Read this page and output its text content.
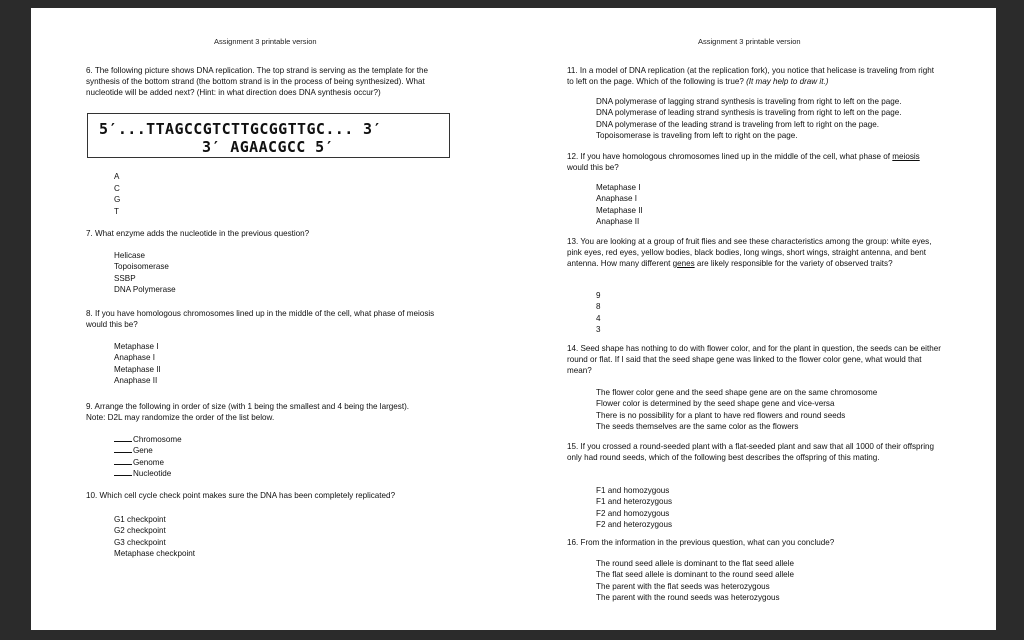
Assignment 3 printable version
6. The following picture shows DNA replication. The top strand is serving as the template for the synthesis of the bottom strand (the bottom strand is in the process of being synthesized). What nucleotide will be added next? (Hint: in what direction does DNA synthesis occur?)
5′...TTAGCCGTCTTGCGGTTGC... 3′
3′ AGAACGCC 5′
A
C
G
T
7. What enzyme adds the nucleotide in the previous question?
Helicase
Topoisomerase
SSBP
DNA Polymerase
8. If you have homologous chromosomes lined up in the middle of the cell, what phase of meiosis would this be?
Metaphase I
Anaphase I
Metaphase II
Anaphase II
9. Arrange the following in order of size (with 1 being the smallest and 4 being the largest).
Note: D2L may randomize the order of the list below.
Chromosome
Gene
Genome
Nucleotide
10. Which cell cycle check point makes sure the DNA has been completely replicated?
G1 checkpoint
G2 checkpoint
G3 checkpoint
Metaphase checkpoint
Assignment 3 printable version
11. In a model of DNA replication (at the replication fork), you notice that helicase is traveling from right to left on the page. Which of the following is true? (It may help to draw it.)
DNA polymerase of lagging strand synthesis is traveling from right to left on the page.
DNA polymerase of leading strand synthesis is traveling from right to left on the page.
DNA polymerase of the leading strand is traveling from left to right on the page.
Topoisomerase is traveling from left to right on the page.
12. If you have homologous chromosomes lined up in the middle of the cell, what phase of meiosis would this be?
Metaphase I
Anaphase I
Metaphase II
Anaphase II
13. You are looking at a group of fruit flies and see these characteristics among the group: white eyes, pink eyes, red eyes, yellow bodies, black bodies, long wings, short wings, straight antenna, and bent antenna. How many different genes are likely responsible for the variety of observed traits?
9
8
4
3
14. Seed shape has nothing to do with flower color, and for the plant in question, the seeds can be either round or flat. If I said that the seed shape gene was linked to the flower color gene, what would that mean?
The flower color gene and the seed shape gene are on the same chromosome
Flower color is determined by the seed shape gene and vice-versa
There is no possibility for a plant to have red flowers and round seeds
The seeds themselves are the same color as the flowers
15. If you crossed a round-seeded plant with a flat-seeded plant and saw that all 1000 of their offspring only had round seeds, which of the following best describes the offspring of this mating.
F1 and homozygous
F1 and heterozygous
F2 and homozygous
F2 and heterozygous
16. From the information in the previous question, what can you conclude?
The round seed allele is dominant to the flat seed allele
The flat seed allele is dominant to the round seed allele
The parent with the flat seeds was heterozygous
The parent with the round seeds was heterozygous
